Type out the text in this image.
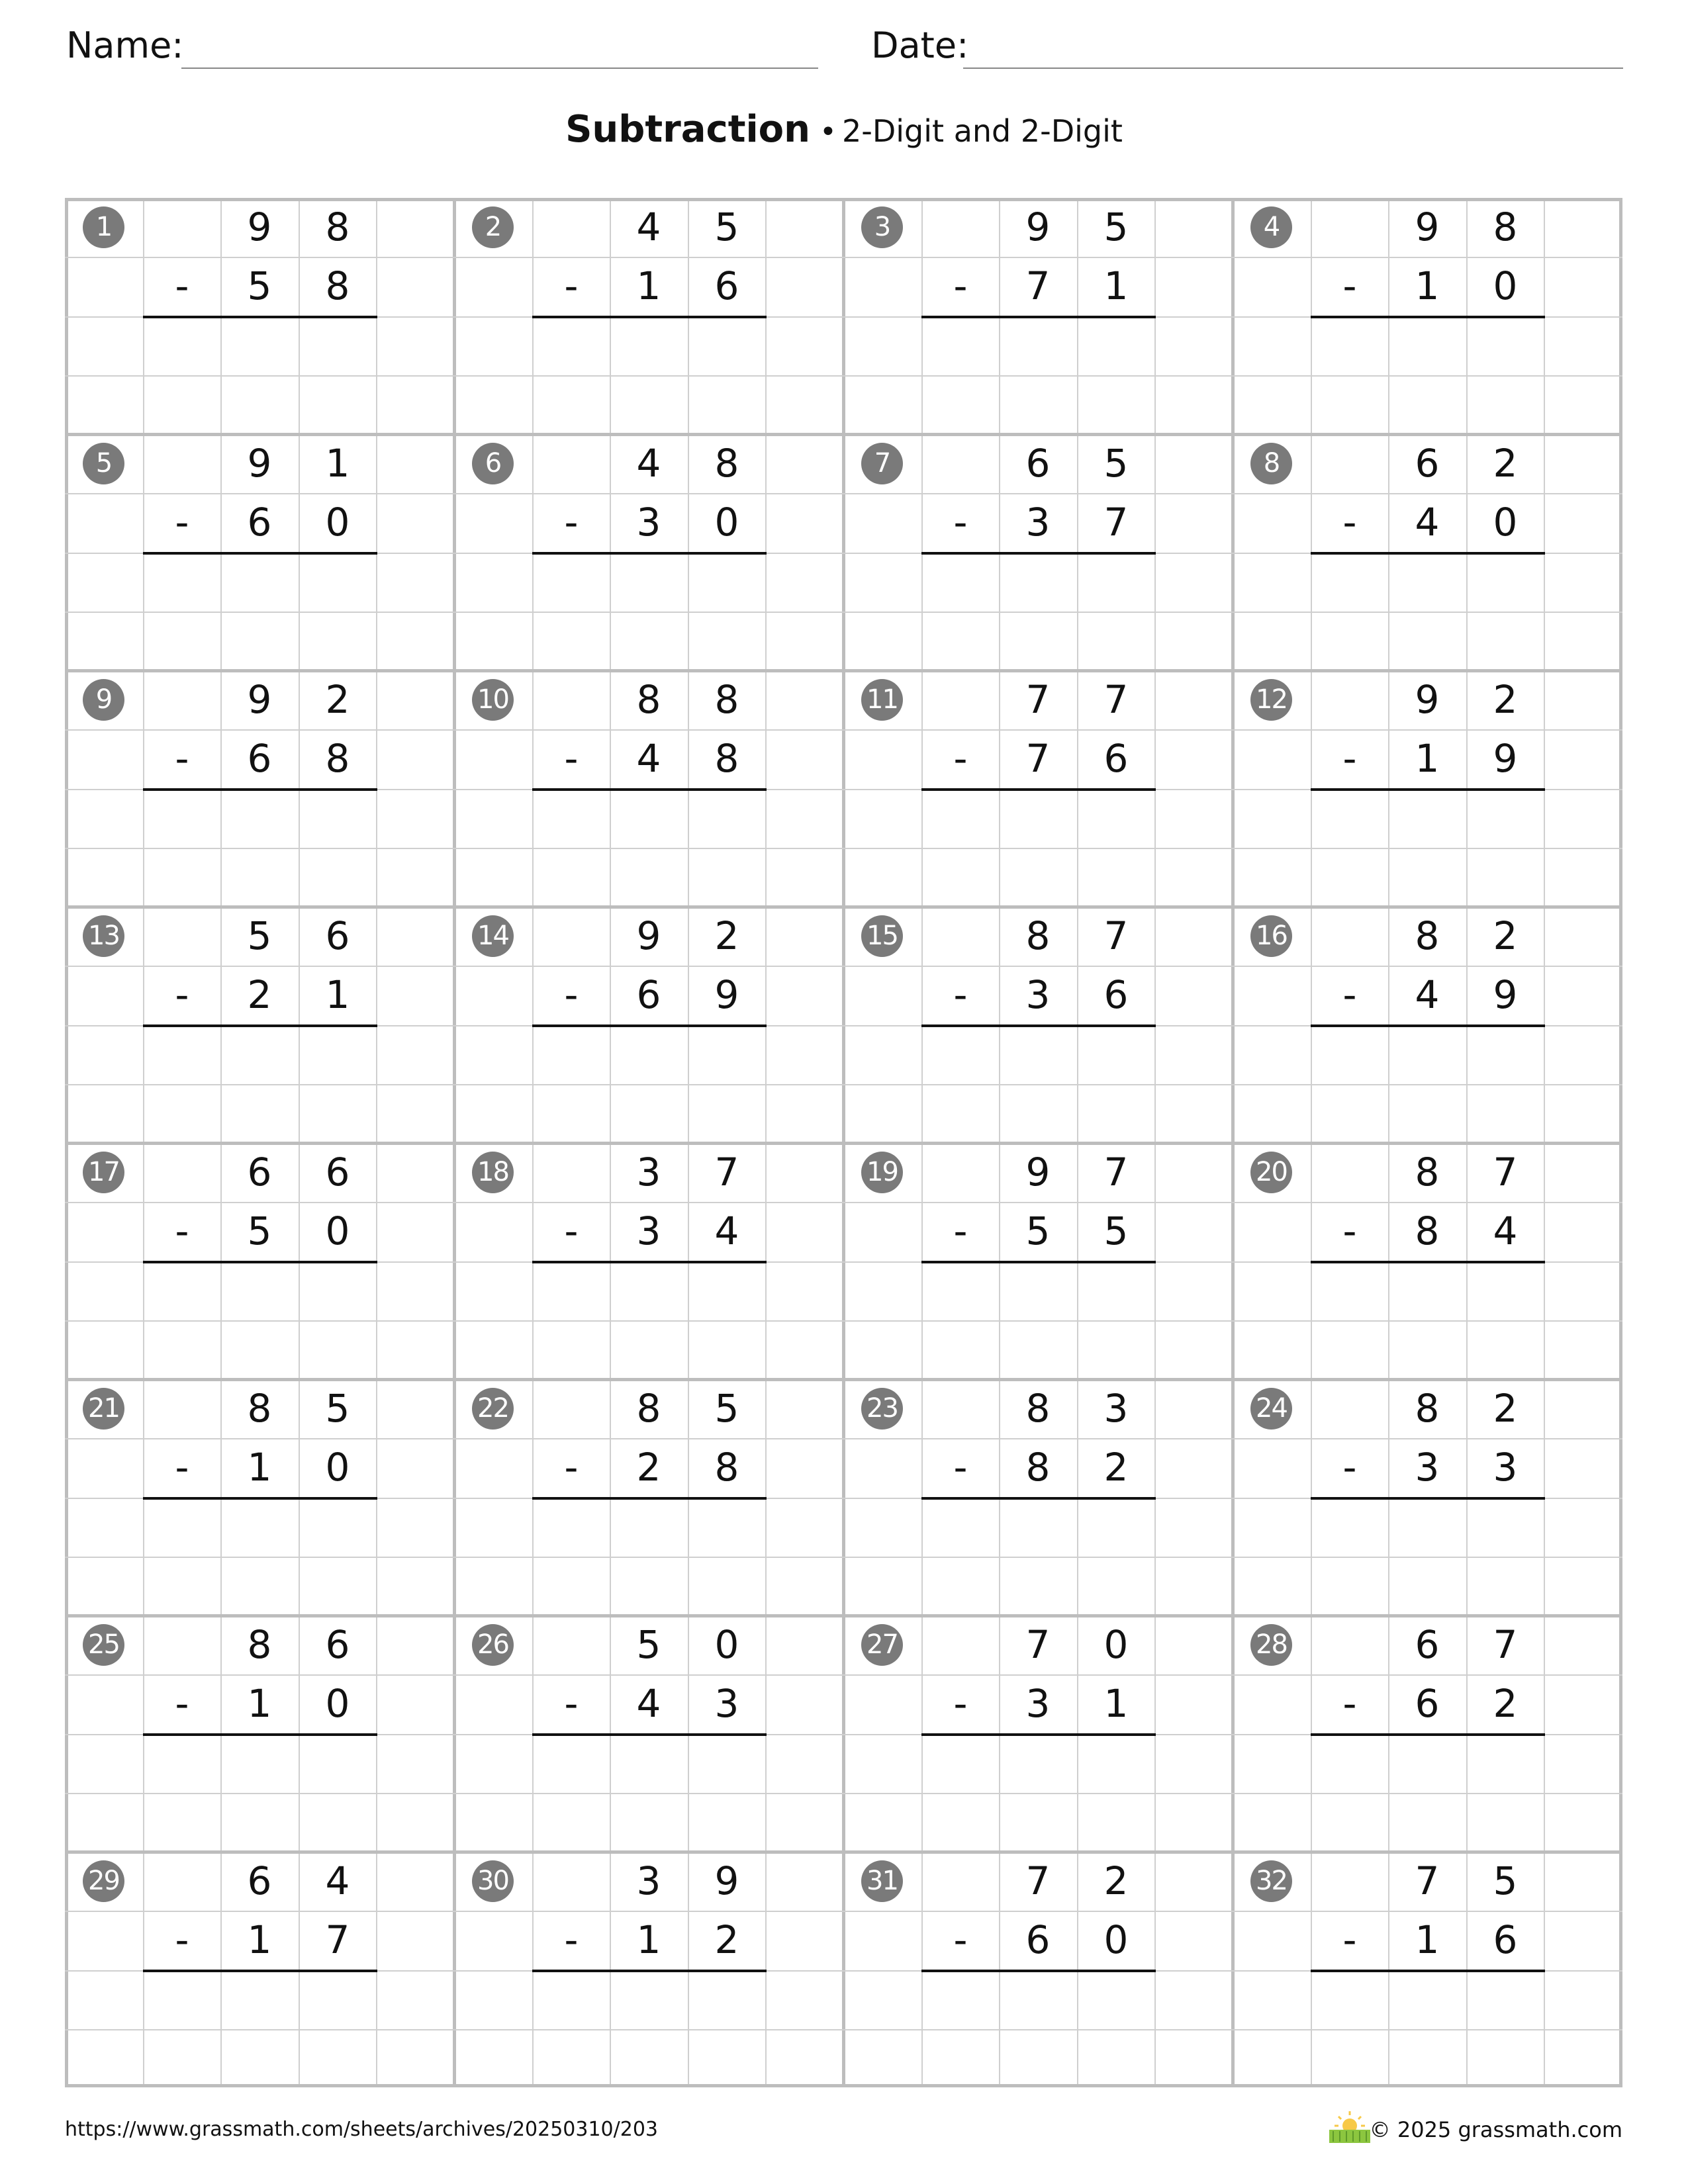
Name:	Date:
Subtraction • 2-Digit and 2-Digit
1	9	8
-	5	8
2	4	5
-	1	6
3	9	5
-	7	1
4	9	8
-	1	0
5	9	1
-	6	0
6	4	8
-	3	0
7	6	5
-	3	7
8	6	2
-	4	0
9	9	2
-	6	8
10	8	8
-	4	8
11	7	7
-	7	6
12	9	2
-	1	9
13	5	6
-	2	1
14	9	2
-	6	9
15	8	7
-	3	6
16	8	2
-	4	9
17	6	6
-	5	0
18	3	7
-	3	4
19	9	7
-	5	5
20	8	7
-	8	4
21	8	5
-	1	0
22	8	5
-	2	8
23	8	3
-	8	2
24	8	2
-	3	3
25	8	6
-	1	0
26	5	0
-	4	3
27	7	0
-	3	1
28	6	7
-	6	2
29	6	4
-	1	7
30	3	9
-	1	2
31	7	2
-	6	0
32	7	5
-	1	6
https://www.grassmath.com/sheets/archives/20250310/203	© 2025 grassmath.com
